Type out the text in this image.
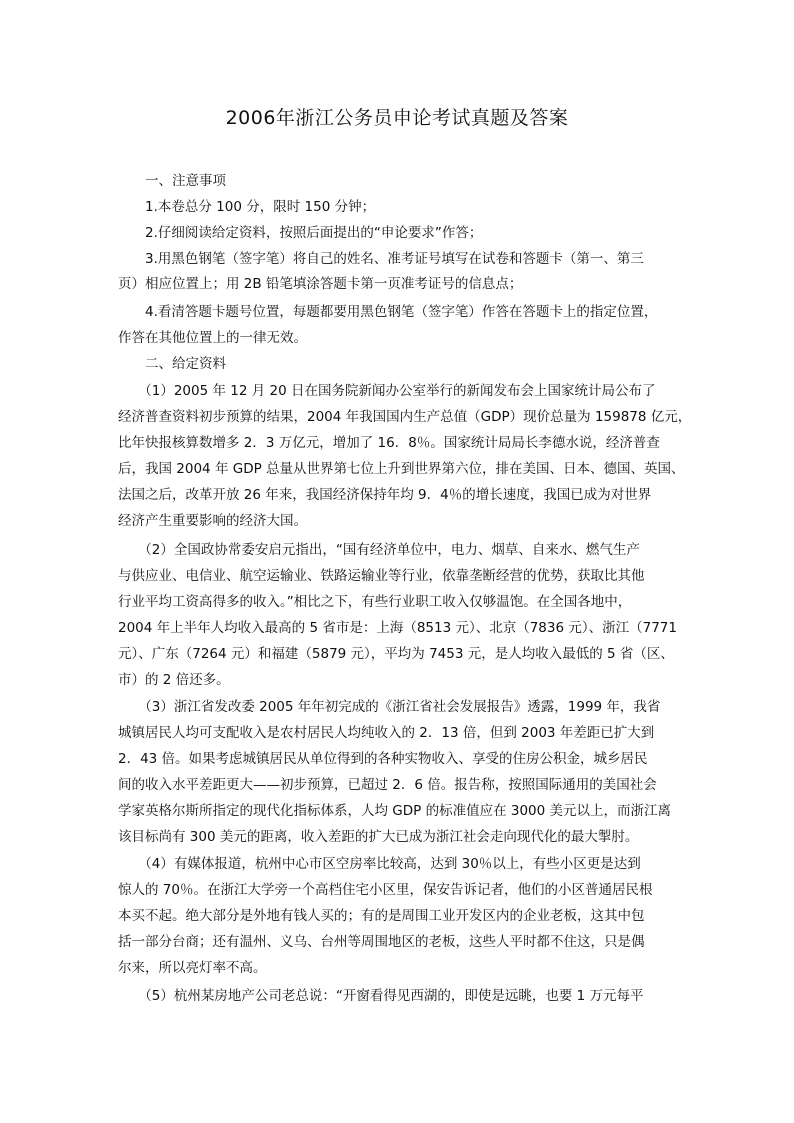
2006年浙江公务员申论考试真题及答案
　　一、注意事项
　　1.本卷总分 100 分，限时 150 分钟；
　　2.仔细阅读给定资料，按照后面提出的“申论要求”作答；
　　3.用黑色钢笔（签字笔）将自己的姓名、准考证号填写在试卷和答题卡（第一、第三
页）相应位置上；用 2B 铅笔填涂答题卡第一页准考证号的信息点；
　　4.看清答题卡题号位置，每题都要用黑色钢笔（签字笔）作答在答题卡上的指定位置，
作答在其他位置上的一律无效。
　　二、给定资料
　　（1）2005 年 12 月 20 日在国务院新闻办公室举行的新闻发布会上国家统计局公布了
经济普查资料初步预算的结果，2004 年我国国内生产总值（GDP）现价总量为 159878 亿元，
比年快报核算数增多 2．3 万亿元，增加了 16．8％。国家统计局局长李德水说，经济普查
后，我国 2004 年 GDP 总量从世界第七位上升到世界第六位，排在美国、日本、德国、英国、
法国之后，改革开放 26 年来，我国经济保持年均 9．4％的增长速度，我国已成为对世界
经济产生重要影响的经济大国。
　　（2）全国政协常委安启元指出，“国有经济单位中，电力、烟草、自来水、燃气生产
与供应业、电信业、航空运输业、铁路运输业等行业，依靠垄断经营的优势，获取比其他
行业平均工资高得多的收入。”相比之下，有些行业职工收入仅够温饱。在全国各地中，
2004 年上半年人均收入最高的 5 省市是：上海（8513 元）、北京（7836 元）、浙江（7771
元）、广东（7264 元）和福建（5879 元），平均为 7453 元，是人均收入最低的 5 省（区、
市）的 2 倍还多。
　　（3）浙江省发改委 2005 年年初完成的《浙江省社会发展报告》透露，1999 年，我省
城镇居民人均可支配收入是农村居民人均纯收入的 2．13 倍，但到 2003 年差距已扩大到
2．43 倍。如果考虑城镇居民从单位得到的各种实物收入、享受的住房公积金，城乡居民
间的收入水平差距更大——初步预算，已超过 2．6 倍。报告称，按照国际通用的美国社会
学家英格尔斯所指定的现代化指标体系，人均 GDP 的标准值应在 3000 美元以上，而浙江离
该目标尚有 300 美元的距离，收入差距的扩大已成为浙江社会走向现代化的最大掣肘。
　　（4）有媒体报道，杭州中心市区空房率比较高，达到 30％以上，有些小区更是达到
惊人的 70％。在浙江大学旁一个高档住宅小区里，保安告诉记者，他们的小区普通居民根
本买不起。绝大部分是外地有钱人买的；有的是周围工业开发区内的企业老板，这其中包
括一部分台商；还有温州、义乌、台州等周围地区的老板，这些人平时都不住这，只是偶
尔来，所以亮灯率不高。
　　（5）杭州某房地产公司老总说：“开窗看得见西湖的，即使是远眺，也要 1 万元每平
